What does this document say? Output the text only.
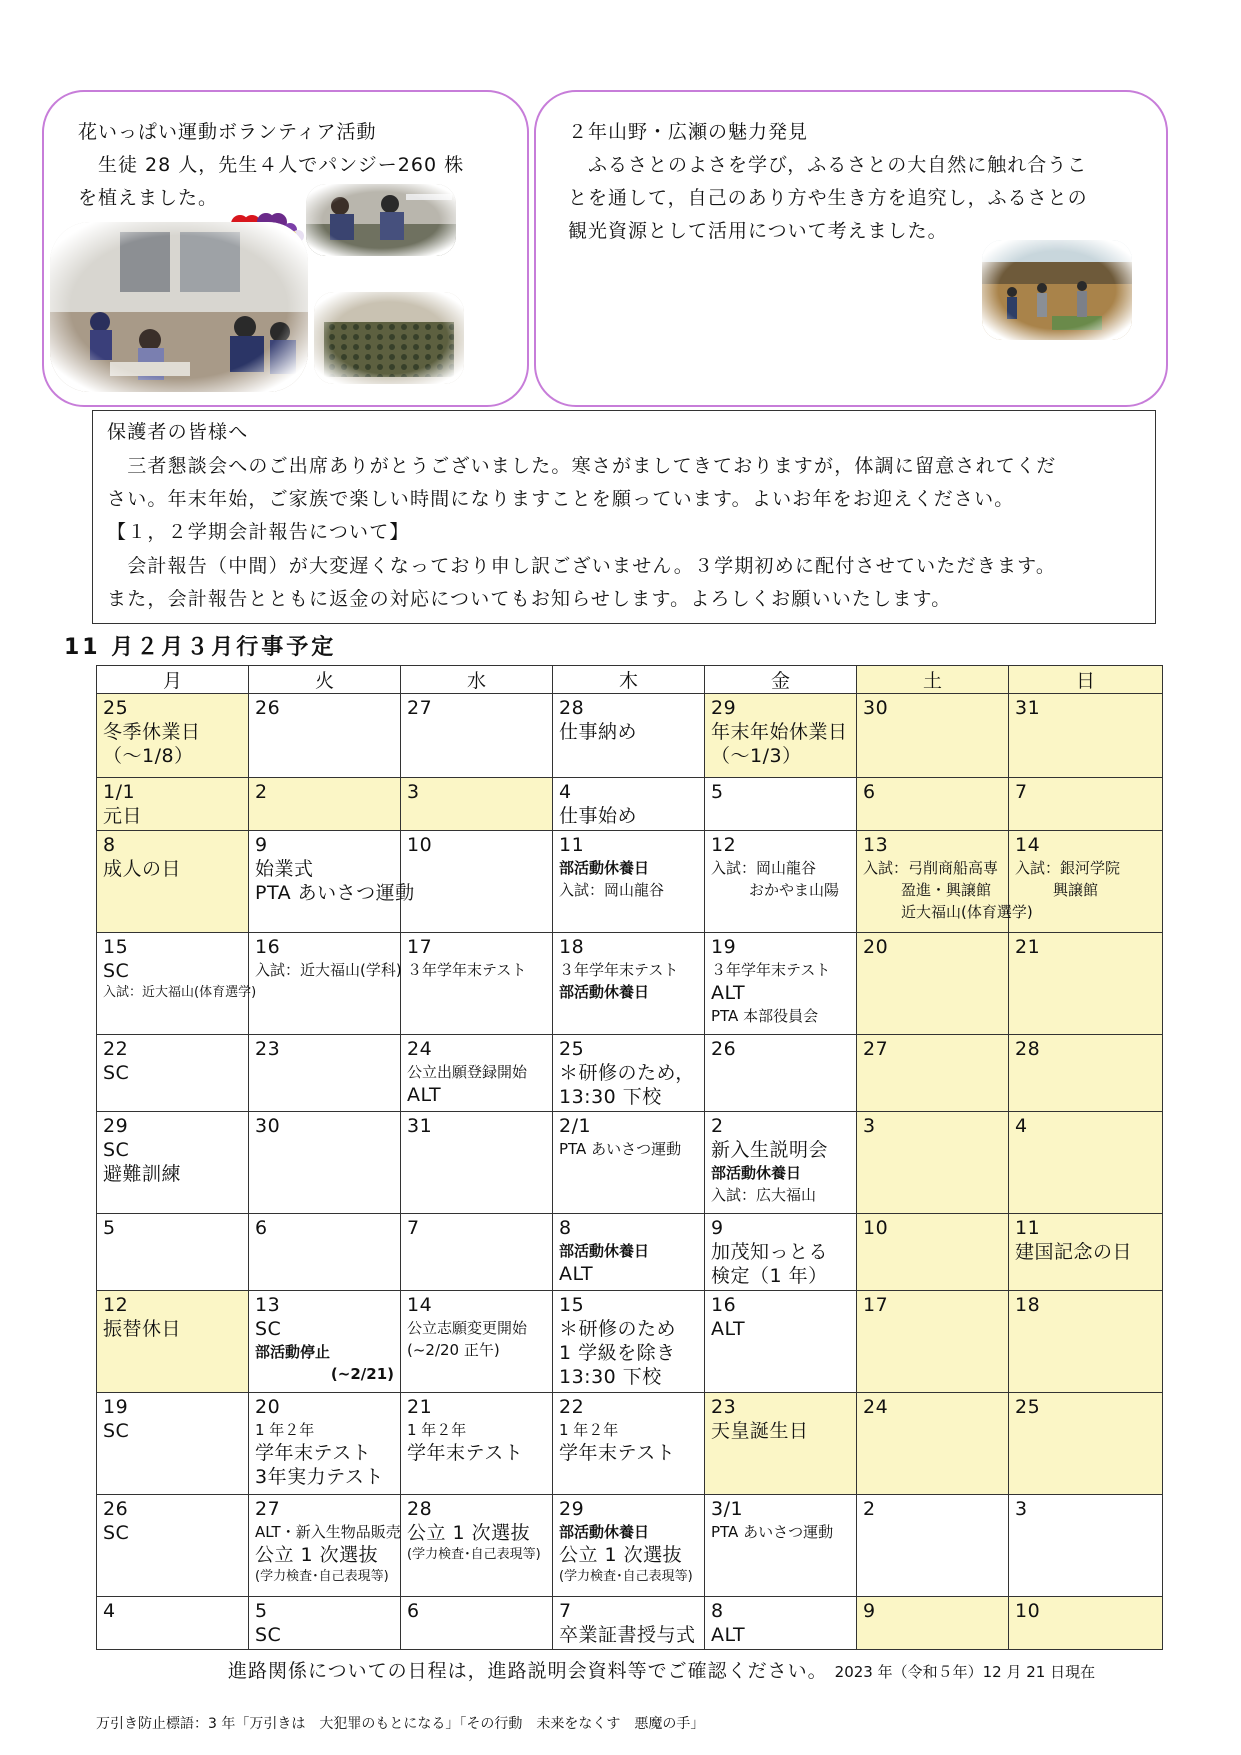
花いっぱい運動ボランティア活動
　生徒 28 人，先生４人でパンジー260 株
を植えました。
２年山野・広瀬の魅力発見
　ふるさとのよさを学び，ふるさとの大自然に触れ合うこ
とを通して，自己のあり方や生き方を追究し，ふるさとの
観光資源として活用について考えました。
保護者の皆様へ
　三者懇談会へのご出席ありがとうございました。寒さがましてきておりますが，体調に留意されてくだ
さい。年末年始，ご家族で楽しい時間になりますことを願っています。よいお年をお迎えください。
【１，２学期会計報告について】
　会計報告（中間）が大変遅くなっており申し訳ございません。３学期初めに配付させていただきます。
また，会計報告とともに返金の対応についてもお知らせします。よろしくお願いいたします。
11 月２月３月行事予定
月	火	水	木	金	土	日

25
冬季休業日
（～1/8）	26	27	28
仕事納め	29
年末年始休業日
（～1/3）	30	31

1/1
元日	2	3	4
仕事始め	5	6	7

8
成人の日	9
始業式
PTA あいさつ運動	10	11
部活動休養日
入試：岡山龍谷	12
入試：岡山龍谷
おかやま山陽	13
入試：弓削商船高専
盈進・興譲館
近大福山(体育選学)	14
入試：銀河学院
興譲館

15
SC
入試：近大福山(体育選学)	16
入試：近大福山(学科)	17
３年学年末テスト	18
３年学年末テスト
部活動休養日	19
３年学年末テスト
ALT
PTA 本部役員会	20	21

22
SC	23	24
公立出願登録開始
ALT	25
＊研修のため，
13:30 下校	26	27	28

29
SC
避難訓練	30	31	2/1
PTA あいさつ運動	2
新入生説明会
部活動休養日
入試：広大福山	3	4

5	6	7	8
部活動休養日
ALT	9
加茂知っとる
検定（1 年）	10	11
建国記念の日

12
振替休日	13
SC
部活動停止
(~2/21)	14
公立志願変更開始
(~2/20 正午)	15
＊研修のため
1 学級を除き
13:30 下校	16
ALT	17	18

19
SC	20
1 年２年
学年末テスト
3年実力テスト	21
1 年２年
学年末テスト	22
1 年２年
学年末テスト	23
天皇誕生日	24	25

26
SC	27
ALT・新入生物品販売
公立 1 次選抜
(学力検査･自己表現等)	28
公立 1 次選抜
(学力検査･自己表現等)	29
部活動休養日
公立 1 次選抜
(学力検査･自己表現等)	3/1
PTA あいさつ運動	2	3

4	5
SC	6	7
卒業証書授与式	8
ALT	9	10
進路関係についての日程は，進路説明会資料等でご確認ください。 2023 年（令和５年）12 月 21 日現在
万引き防止標語：3 年「万引きは　大犯罪のもとになる」「その行動　未来をなくす　悪魔の手」
